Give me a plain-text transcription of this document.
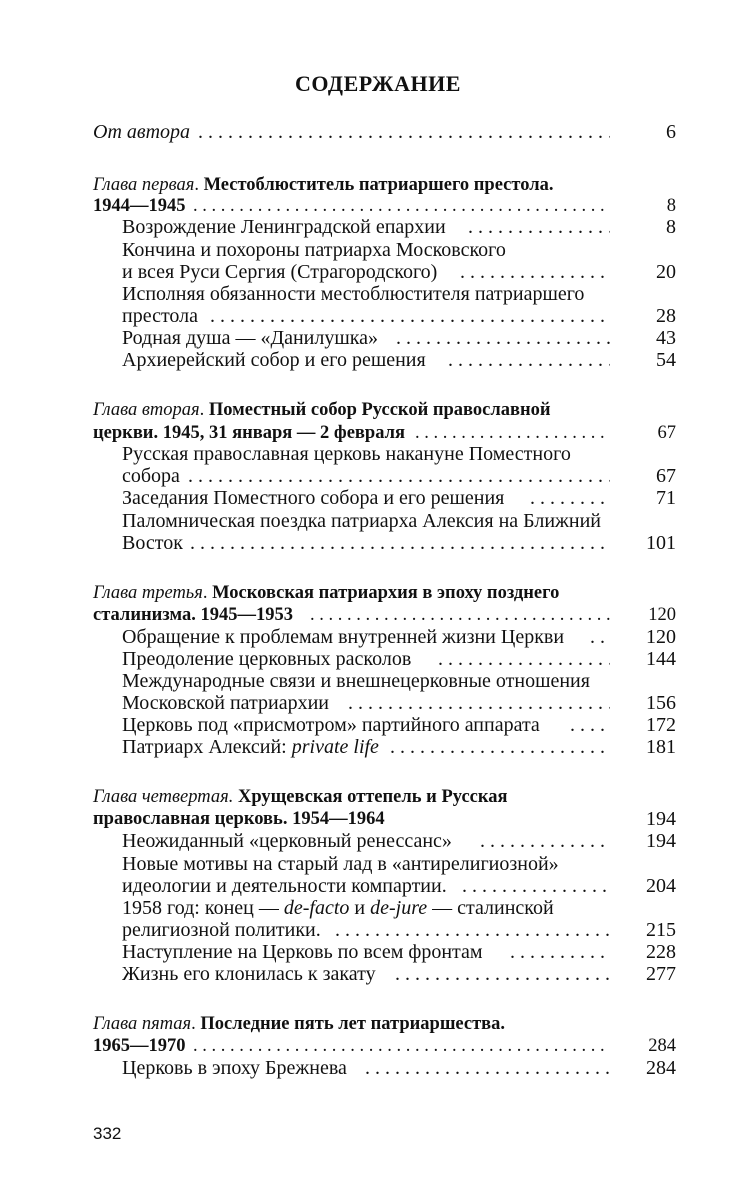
СОДЕРЖАНИЕ
От автора . . .	6
Глава первая. Местоблюститель патриаршего престола.
1944—1945 . . .	8
Возрождение Ленинградской епархии . . .	8
Кончина и похороны патриарха Московского
и всея Руси Сергия (Страгородского) . . .	20
Исполняя обязанности местоблюстителя патриаршего
престола . . .	28
Родная душа — «Данилушка» . . .	43
Архиерейский собор и его решения . . .	54
Глава вторая. Поместный собор Русской православной
церкви. 1945, 31 января — 2 февраля . . .	67
Русская православная церковь накануне Поместного
собора . . .	67
Заседания Поместного собора и его решения . . .	71
Паломническая поездка патриарха Алексия на Ближний
Восток . . .	101
Глава третья. Московская патриархия в эпоху позднего
сталинизма. 1945—1953 . . .	120
Обращение к проблемам внутренней жизни Церкви . . .	120
Преодоление церковных расколов . . .	144
Международные связи и внешнецерковные отношения
Московской патриархии . . .	156
Церковь под «присмотром» партийного аппарата . . .	172
Патриарх Алексий: private life . . .	181
Глава четвертая. Хрущевская оттепель и Русская
православная церковь. 1954—1964	194
Неожиданный «церковный ренессанс» . . .	194
Новые мотивы на старый лад в «антирелигиозной»
идеологии и деятельности компартии. . . .	204
1958 год: конец — de-facto и de-jure — сталинской
религиозной политики. . . .	215
Наступление на Церковь по всем фронтам . . .	228
Жизнь его клонилась к закату . . .	277
Глава пятая. Последние пять лет патриаршества.
1965—1970 . . .	284
Церковь в эпоху Брежнева . . .	284
332
